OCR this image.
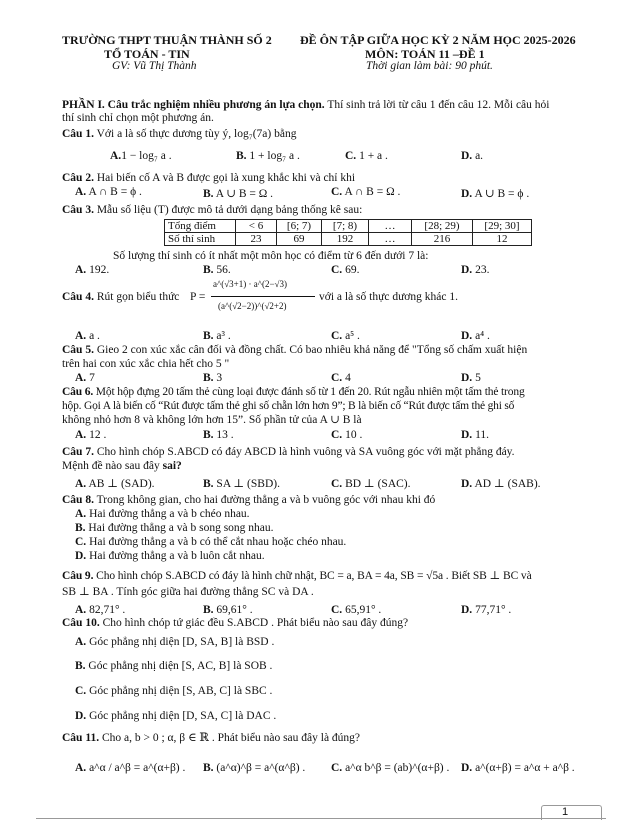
TRƯỜNG THPT THUẬN THÀNH SỐ 2
TỔ TOÁN - TIN
GV: Vũ Thị Thành
ĐỀ ÔN TẬP GIỮA HỌC KỲ 2 NĂM HỌC 2025-2026
MÔN: TOÁN 11 –ĐỀ 1
Thời gian làm bài: 90 phút.
PHẦN I. Câu trắc nghiệm nhiều phương án lựa chọn. Thí sinh trả lời từ câu 1 đến câu 12. Mỗi câu hỏi
thí sinh chỉ chọn một phương án.
Câu 1. Với a là số thực dương tùy ý, log₇(7a) bằng
A.1 − log₇ a .	B. 1 + log₇ a .	C. 1 + a .	D. a.
Câu 2. Hai biến cố A và B được gọi là xung khắc khi và chỉ khi
A. A ∩ B = ϕ .	B. A ∪ B = Ω .	C. A ∩ B = Ω .	D. A ∪ B = ϕ .
Câu 3. Mẫu số liệu (T) được mô tả dưới dạng bảng thống kê sau:
Tổng điểm	< 6	[6; 7)	[7; 8)	…	[28; 29)	[29; 30]
Số thí sinh	23	69	192	…	216	12
Số lượng thí sinh có ít nhất một môn học có điểm từ 6 đến dưới 7 là:
A. 192.	B. 56.	C. 69.	D. 23.
Câu 4. Rút gọn biểu thức P =
a^(√3+1) · a^(2−√3)
(a^(√2−2))^(√2+2)
với a là số thực dương khác 1.
A. a .	B. a³ .	C. a⁵ .	D. a⁴ .
Câu 5. Gieo 2 con xúc xắc cân đối và đồng chất. Có bao nhiêu khả năng để "Tổng số chấm xuất hiện
trên hai con xúc xắc chia hết cho 5 "
A. 7	B. 3	C. 4	D. 5
Câu 6. Một hộp đựng 20 tấm thẻ cùng loại được đánh số từ 1 đến 20. Rút ngẫu nhiên một tấm thẻ trong
hộp. Gọi A là biến cố “Rút được tấm thẻ ghi số chẵn lớn hơn 9”; B là biến cố “Rút được tấm thẻ ghi số
không nhỏ hơn 8 và không lớn hơn 15”. Số phần tử của A ∪ B là
A. 12 .	B. 13 .	C. 10 .	D. 11.
Câu 7. Cho hình chóp S.ABCD có đáy ABCD là hình vuông và SA vuông góc với mặt phẳng đáy.
Mệnh đề nào sau đây sai?
A. AB ⊥ (SAD).	B. SA ⊥ (SBD).	C. BD ⊥ (SAC).	D. AD ⊥ (SAB).
Câu 8. Trong không gian, cho hai đường thẳng a và b vuông góc với nhau khi đó
A. Hai đường thẳng a và b chéo nhau.
B. Hai đường thẳng a và b song song nhau.
C. Hai đường thẳng a và b có thể cắt nhau hoặc chéo nhau.
D. Hai đường thẳng a và b luôn cắt nhau.
Câu 9. Cho hình chóp S.ABCD có đáy là hình chữ nhật, BC = a, BA = 4a, SB = √5a . Biết SB ⊥ BC và
SB ⊥ BA . Tính góc giữa hai đường thẳng SC và DA .
A. 82,71° .	B. 69,61° .	C. 65,91° .	D. 77,71° .
Câu 10. Cho hình chóp tứ giác đều S.ABCD . Phát biểu nào sau đây đúng?
A. Góc phẳng nhị diện [D, SA, B] là BSD .
B. Góc phẳng nhị diện [S, AC, B] là SOB .
C. Góc phẳng nhị diện [S, AB, C] là SBC .
D. Góc phẳng nhị diện [D, SA, C] là DAC .
Câu 11. Cho a, b > 0 ; α, β ∈ ℝ . Phát biểu nào sau đây là đúng?
A. a^α / a^β = a^(α+β) . B. (a^α)^β = a^(α^β) . C. a^α b^β = (ab)^(α+β) . D. a^(α+β) = a^α + a^β .
1
